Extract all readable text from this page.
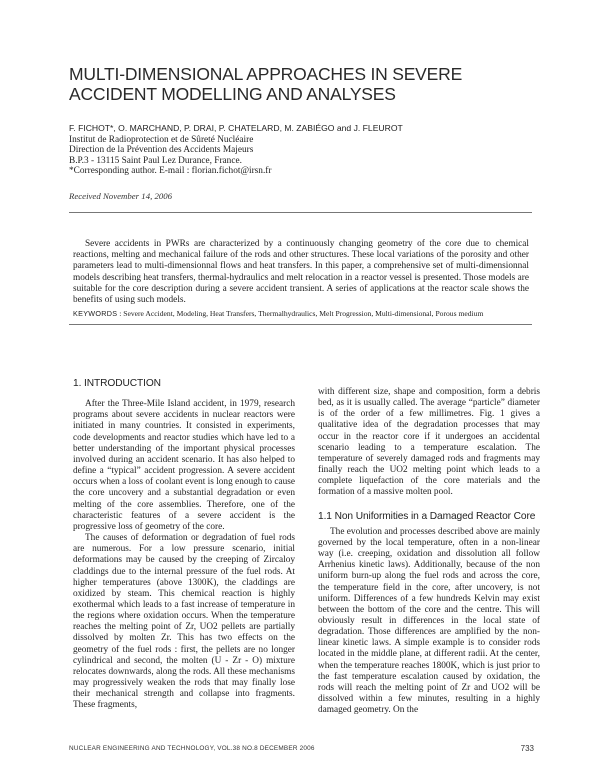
MULTI-DIMENSIONAL APPROACHES IN SEVERE
ACCIDENT MODELLING AND ANALYSES
F. FICHOT*, O. MARCHAND, P. DRAI, P. CHATELARD, M. ZABIÉGO and J. FLEUROT
Institut de Radioprotection et de Sûreté Nucléaire
Direction de la Prévention des Accidents Majeurs
B.P.3 - 13115 Saint Paul Lez Durance, France.
*Corresponding author. E-mail : florian.fichot@irsn.fr
Received November 14, 2006

Severe accidents in PWRs are characterized by a continuously changing geometry of the core due to chemical reactions, melting and mechanical failure of the rods and other structures. These local variations of the porosity and other parameters lead to multi-dimensionnal flows and heat transfers. In this paper, a comprehensive set of multi-dimensionnal models describing heat transfers, thermal-hydraulics and melt relocation in a reactor vessel is presented. Those models are suitable for the core description during a severe accident transient. A series of applications at the reactor scale shows the benefits of using such models.

KEYWORDS : Severe Accident, Modeling, Heat Transfers, Thermalhydraulics, Melt Progression, Multi-dimensional, Porous medium
1. INTRODUCTION

After the Three-Mile Island accident, in 1979, research programs about severe accidents in nuclear reactors were initiated in many countries. It consisted in experiments, code developments and reactor studies which have led to a better understanding of the important physical processes involved during an accident scenario. It has also helped to define a “typical” accident progression. A severe accident occurs when a loss of coolant event is long enough to cause the core uncovery and a substantial degradation or even melting of the core assemblies. Therefore, one of the characteristic features of a severe accident is the progressive loss of geometry of the core.

The causes of deformation or degradation of fuel rods are numerous. For a low pressure scenario, initial deformations may be caused by the creeping of Zircaloy claddings due to the internal pressure of the fuel rods. At higher temperatures (above 1300K), the claddings are oxidized by steam. This chemical reaction is highly exothermal which leads to a fast increase of temperature in the regions where oxidation occurs. When the temperature reaches the melting point of Zr, UO2 pellets are partially dissolved by molten Zr. This has two effects on the geometry of the fuel rods : first, the pellets are no longer cylindrical and second, the molten (U - Zr - O) mixture relocates downwards, along the rods. All these mechanisms may progressively weaken the rods that may finally lose their mechanical strength and collapse into fragments. These fragments,

with different size, shape and composition, form a debris bed, as it is usually called. The average “particle” diameter is of the order of a few millimetres. Fig. 1 gives a qualitative idea of the degradation processes that may occur in the reactor core if it undergoes an accidental scenario leading to a temperature escalation. The temperature of severely damaged rods and fragments may finally reach the UO2 melting point which leads to a complete liquefaction of the core materials and the formation of a massive molten pool.

1.1 Non Uniformities in a Damaged Reactor Core

The evolution and processes described above are mainly governed by the local temperature, often in a non-linear way (i.e. creeping, oxidation and dissolution all follow Arrhenius kinetic laws). Additionally, because of the non uniform burn-up along the fuel rods and across the core, the temperature field in the core, after uncovery, is not uniform. Differences of a few hundreds Kelvin may exist between the bottom of the core and the centre. This will obviously result in differences in the local state of degradation. Those differences are amplified by the non-linear kinetic laws. A simple example is to consider rods located in the middle plane, at different radii. At the center, when the temperature reaches 1800K, which is just prior to the fast temperature escalation caused by oxidation, the rods will reach the melting point of Zr and UO2 will be dissolved within a few minutes, resulting in a highly damaged geometry. On the

NUCLEAR ENGINEERING AND TECHNOLOGY, VOL.38 NO.8 DECEMBER 2006	733
